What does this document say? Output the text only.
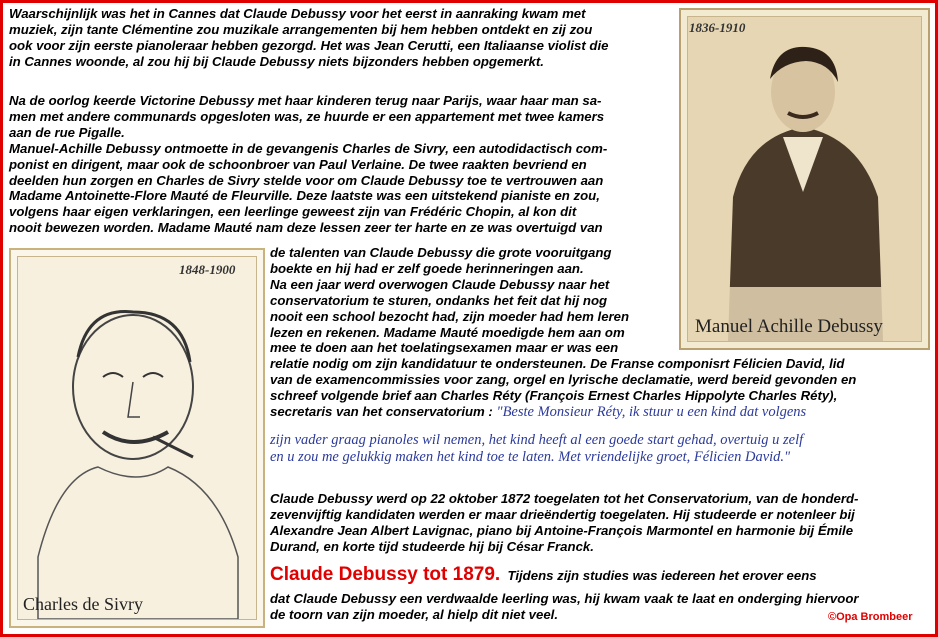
Waarschijnlijk was het in Cannes dat Claude Debussy voor het eerst in aanraking kwam met
muziek, zijn tante Clémentine zou muzikale arrangementen bij hem hebben ontdekt en zij zou
ook voor zijn eerste pianoleraar hebben gezorgd. Het was Jean Cerutti, een Italiaanse violist die
in Cannes woonde, al zou hij bij Claude Debussy niets bijzonders hebben opgemerkt.

Na de oorlog keerde Victorine Debussy met haar kinderen terug naar Parijs, waar haar man sa-
men met andere communards opgesloten was, ze huurde er een appartement met twee kamers
aan de rue Pigalle.
Manuel-Achille Debussy ontmoette in de gevangenis Charles de Sivry, een autodidactisch com-
ponist en dirigent, maar ook de schoonbroer van Paul Verlaine. De twee raakten bevriend en
deelden hun zorgen en Charles de Sivry stelde voor om Claude Debussy toe te vertrouwen aan
Madame Antoinette-Flore Mauté de Fleurville. Deze laatste was een uitstekend pianiste en zou,
volgens haar eigen verklaringen, een leerlinge geweest zijn van Frédéric Chopin, al kon dit
nooit bewezen worden. Madame Mauté nam deze lessen zeer ter harte en ze was overtuigd van

de talenten van Claude Debussy die grote vooruitgang
boekte en hij had er zelf goede herinneringen aan.
Na een jaar werd overwogen Claude Debussy naar het
conservatorium te sturen, ondanks het feit dat hij nog
nooit een school bezocht had, zijn moeder had hem leren
lezen en rekenen. Madame Mauté moedigde hem aan om
mee te doen aan het toelatingsexamen maar er was een
relatie nodig om zijn kandidatuur te ondersteunen. De Franse componisrt Félicien David, lid
van de examencommissies voor zang, orgel en lyrische declamatie, werd bereid gevonden en
schreef volgende brief aan Charles Réty (François Ernest Charles Hippolyte Charles Réty),
secretaris van het conservatorium : "Beste Monsieur Réty, ik stuur u een kind dat volgens

zijn vader graag pianoles wil nemen, het kind heeft al een goede start gehad, overtuig u zelf
en u zou me gelukkig maken het kind toe te laten. Met vriendelijke groet, Félicien David."

Claude Debussy werd op 22 oktober 1872 toegelaten tot het Conservatorium, van de honderd-
zevenvijftig kandidaten werden er maar drieëndertig toegelaten. Hij studeerde er notenleer bij
Alexandre Jean Albert Lavignac, piano bij Antoine-François Marmontel en harmonie bij Émile
Durand, en korte tijd studeerde hij bij César Franck.

Claude Debussy tot 1879.  Tijdens zijn studies was iedereen het erover eens

dat Claude Debussy een verdwaalde leerling was, hij kwam vaak te laat en onderging hiervoor
de toorn van zijn moeder, al hielp dit niet veel.

1836-1910
Manuel Achille Debussy
1848-1900
Charles de Sivry
©Opa Brombeer
